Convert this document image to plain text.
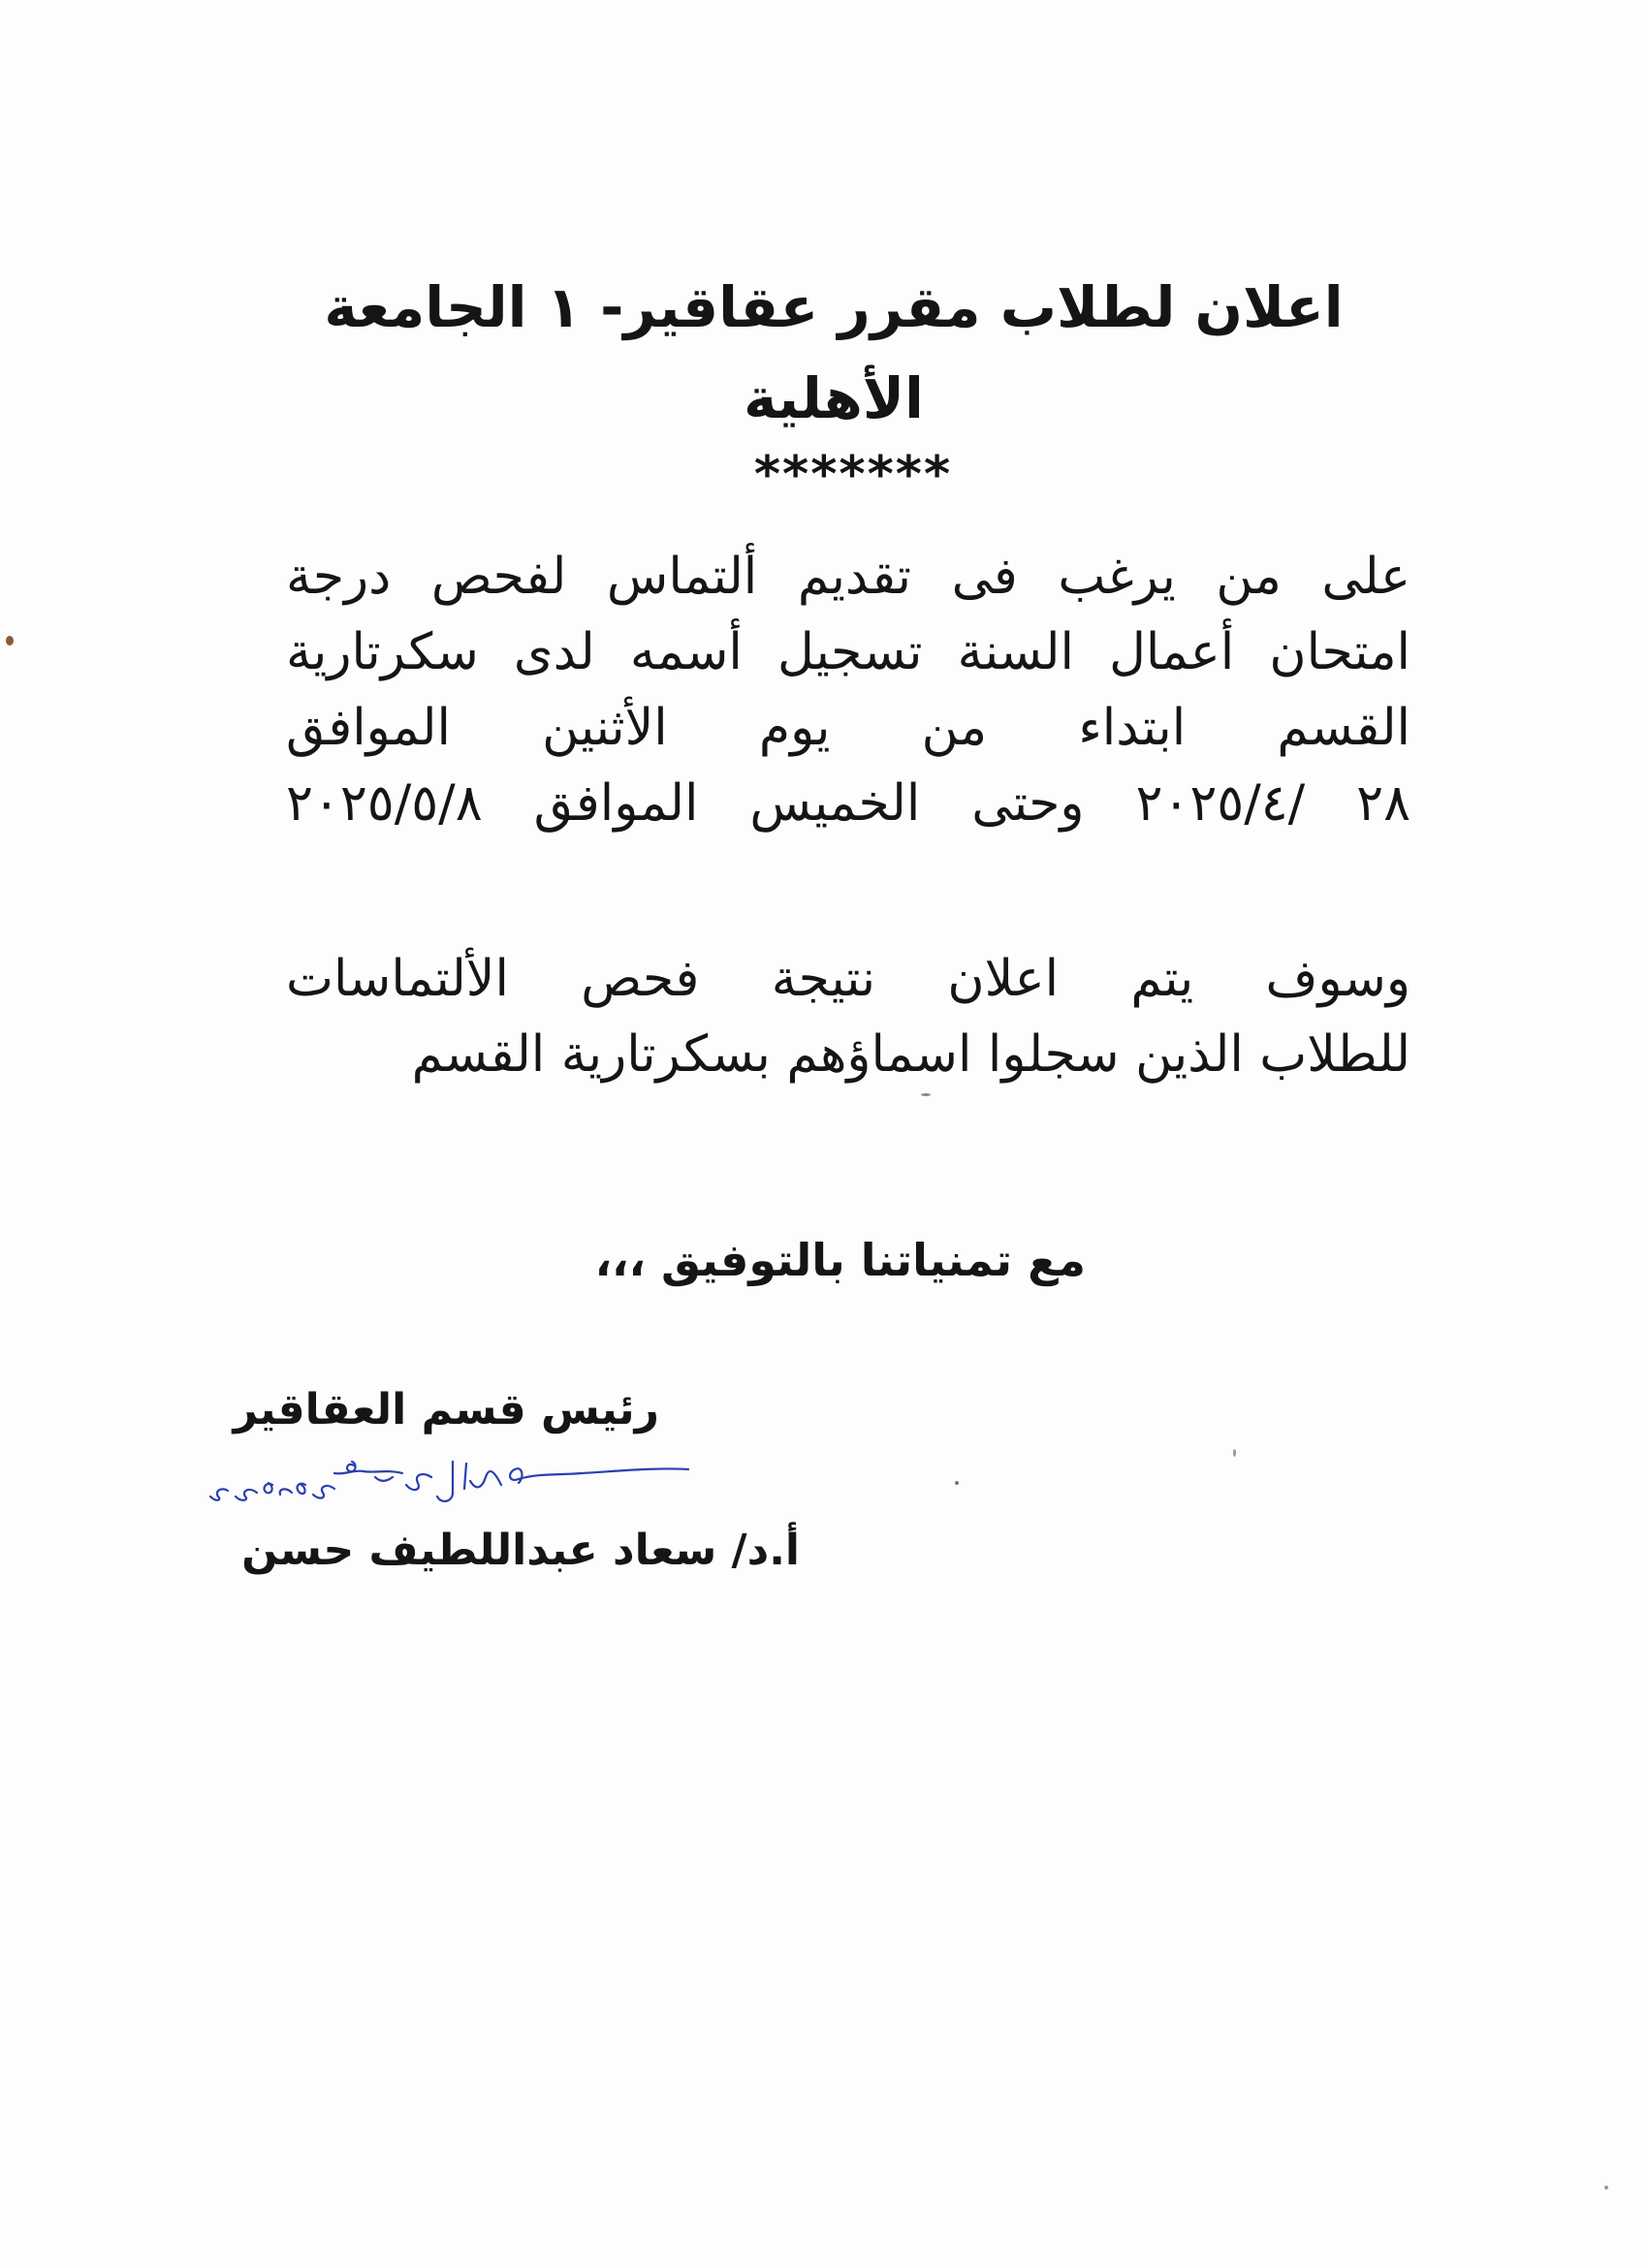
اعلان لطلاب مقرر عقاقير- ١ الجامعة
الأهلية
*******
على من يرغب فى تقديم ألتماس لفحص درجة
امتحان أعمال السنة تسجيل أسمه لدى سكرتارية
القسم ابتداء من يوم الأثنين الموافق
٢٨ /٢٠٢٥/٤ وحتى الخميس الموافق ٢٠٢٥/٥/٨
وسوف يتم اعلان نتيجة فحص الألتماسات
للطلاب الذين سجلوا اسماؤهم بسكرتارية القسم
مع تمنياتنا بالتوفيق ،،،
رئيس قسم العقاقير
أ.د/ سعاد عبداللطيف حسن
